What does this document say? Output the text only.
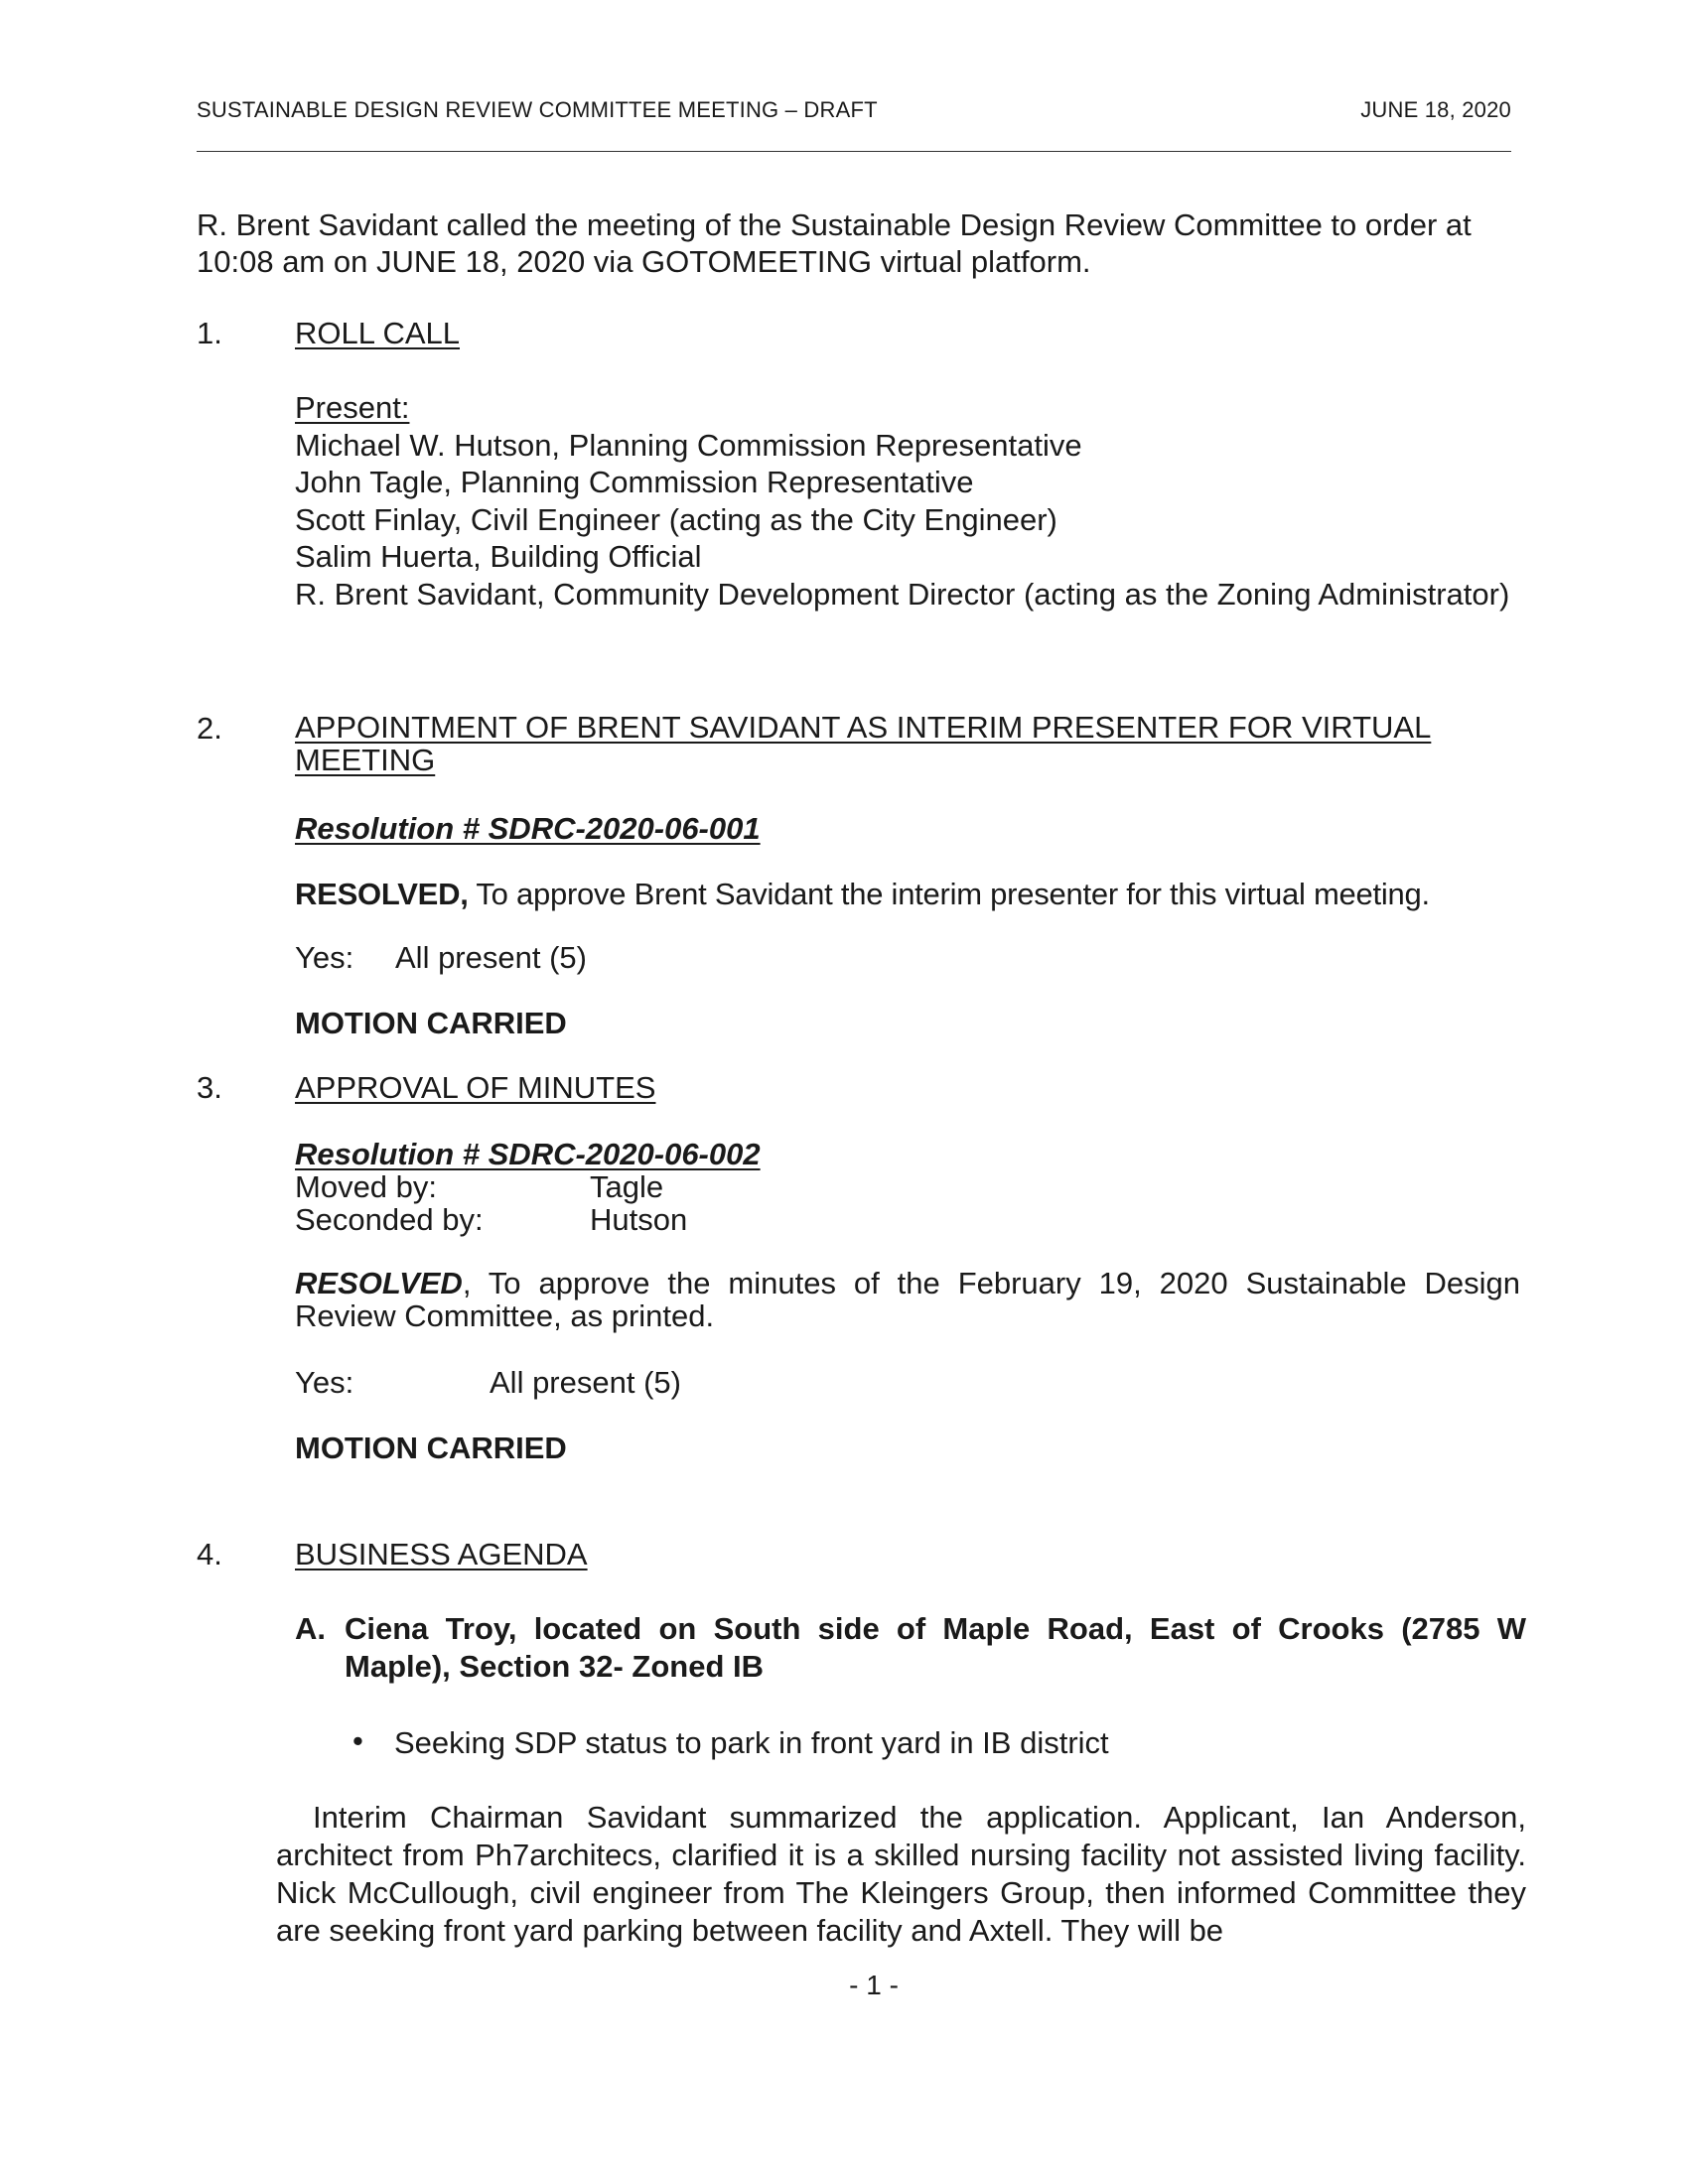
SUSTAINABLE DESIGN REVIEW COMMITTEE MEETING – DRAFT	JUNE 18, 2020
R. Brent Savidant called the meeting of the Sustainable Design Review Committee to order at 10:08 am on JUNE 18, 2020 via GOTOMEETING virtual platform.
1. ROLL CALL
Present:
Michael W. Hutson, Planning Commission Representative
John Tagle, Planning Commission Representative
Scott Finlay, Civil Engineer (acting as the City Engineer)
Salim Huerta, Building Official
R. Brent Savidant, Community Development Director (acting as the Zoning Administrator)
2. APPOINTMENT OF BRENT SAVIDANT AS INTERIM PRESENTER FOR VIRTUAL MEETING
Resolution # SDRC-2020-06-001
RESOLVED, To approve Brent Savidant the interim presenter for this virtual meeting.
Yes: All present (5)
MOTION CARRIED
3. APPROVAL OF MINUTES
Resolution # SDRC-2020-06-002
Moved by:	Tagle
Seconded by:	Hutson
RESOLVED, To approve the minutes of the February 19, 2020 Sustainable Design Review Committee, as printed.
Yes:	All present (5)
MOTION CARRIED
4. BUSINESS AGENDA
A. Ciena Troy, located on South side of Maple Road, East of Crooks (2785 W Maple), Section 32- Zoned IB
• Seeking SDP status to park in front yard in IB district
Interim Chairman Savidant summarized the application. Applicant, Ian Anderson, architect from Ph7architecs, clarified it is a skilled nursing facility not assisted living facility. Nick McCullough, civil engineer from The Kleingers Group, then informed Committee they are seeking front yard parking between facility and Axtell. They will be
- 1 -
